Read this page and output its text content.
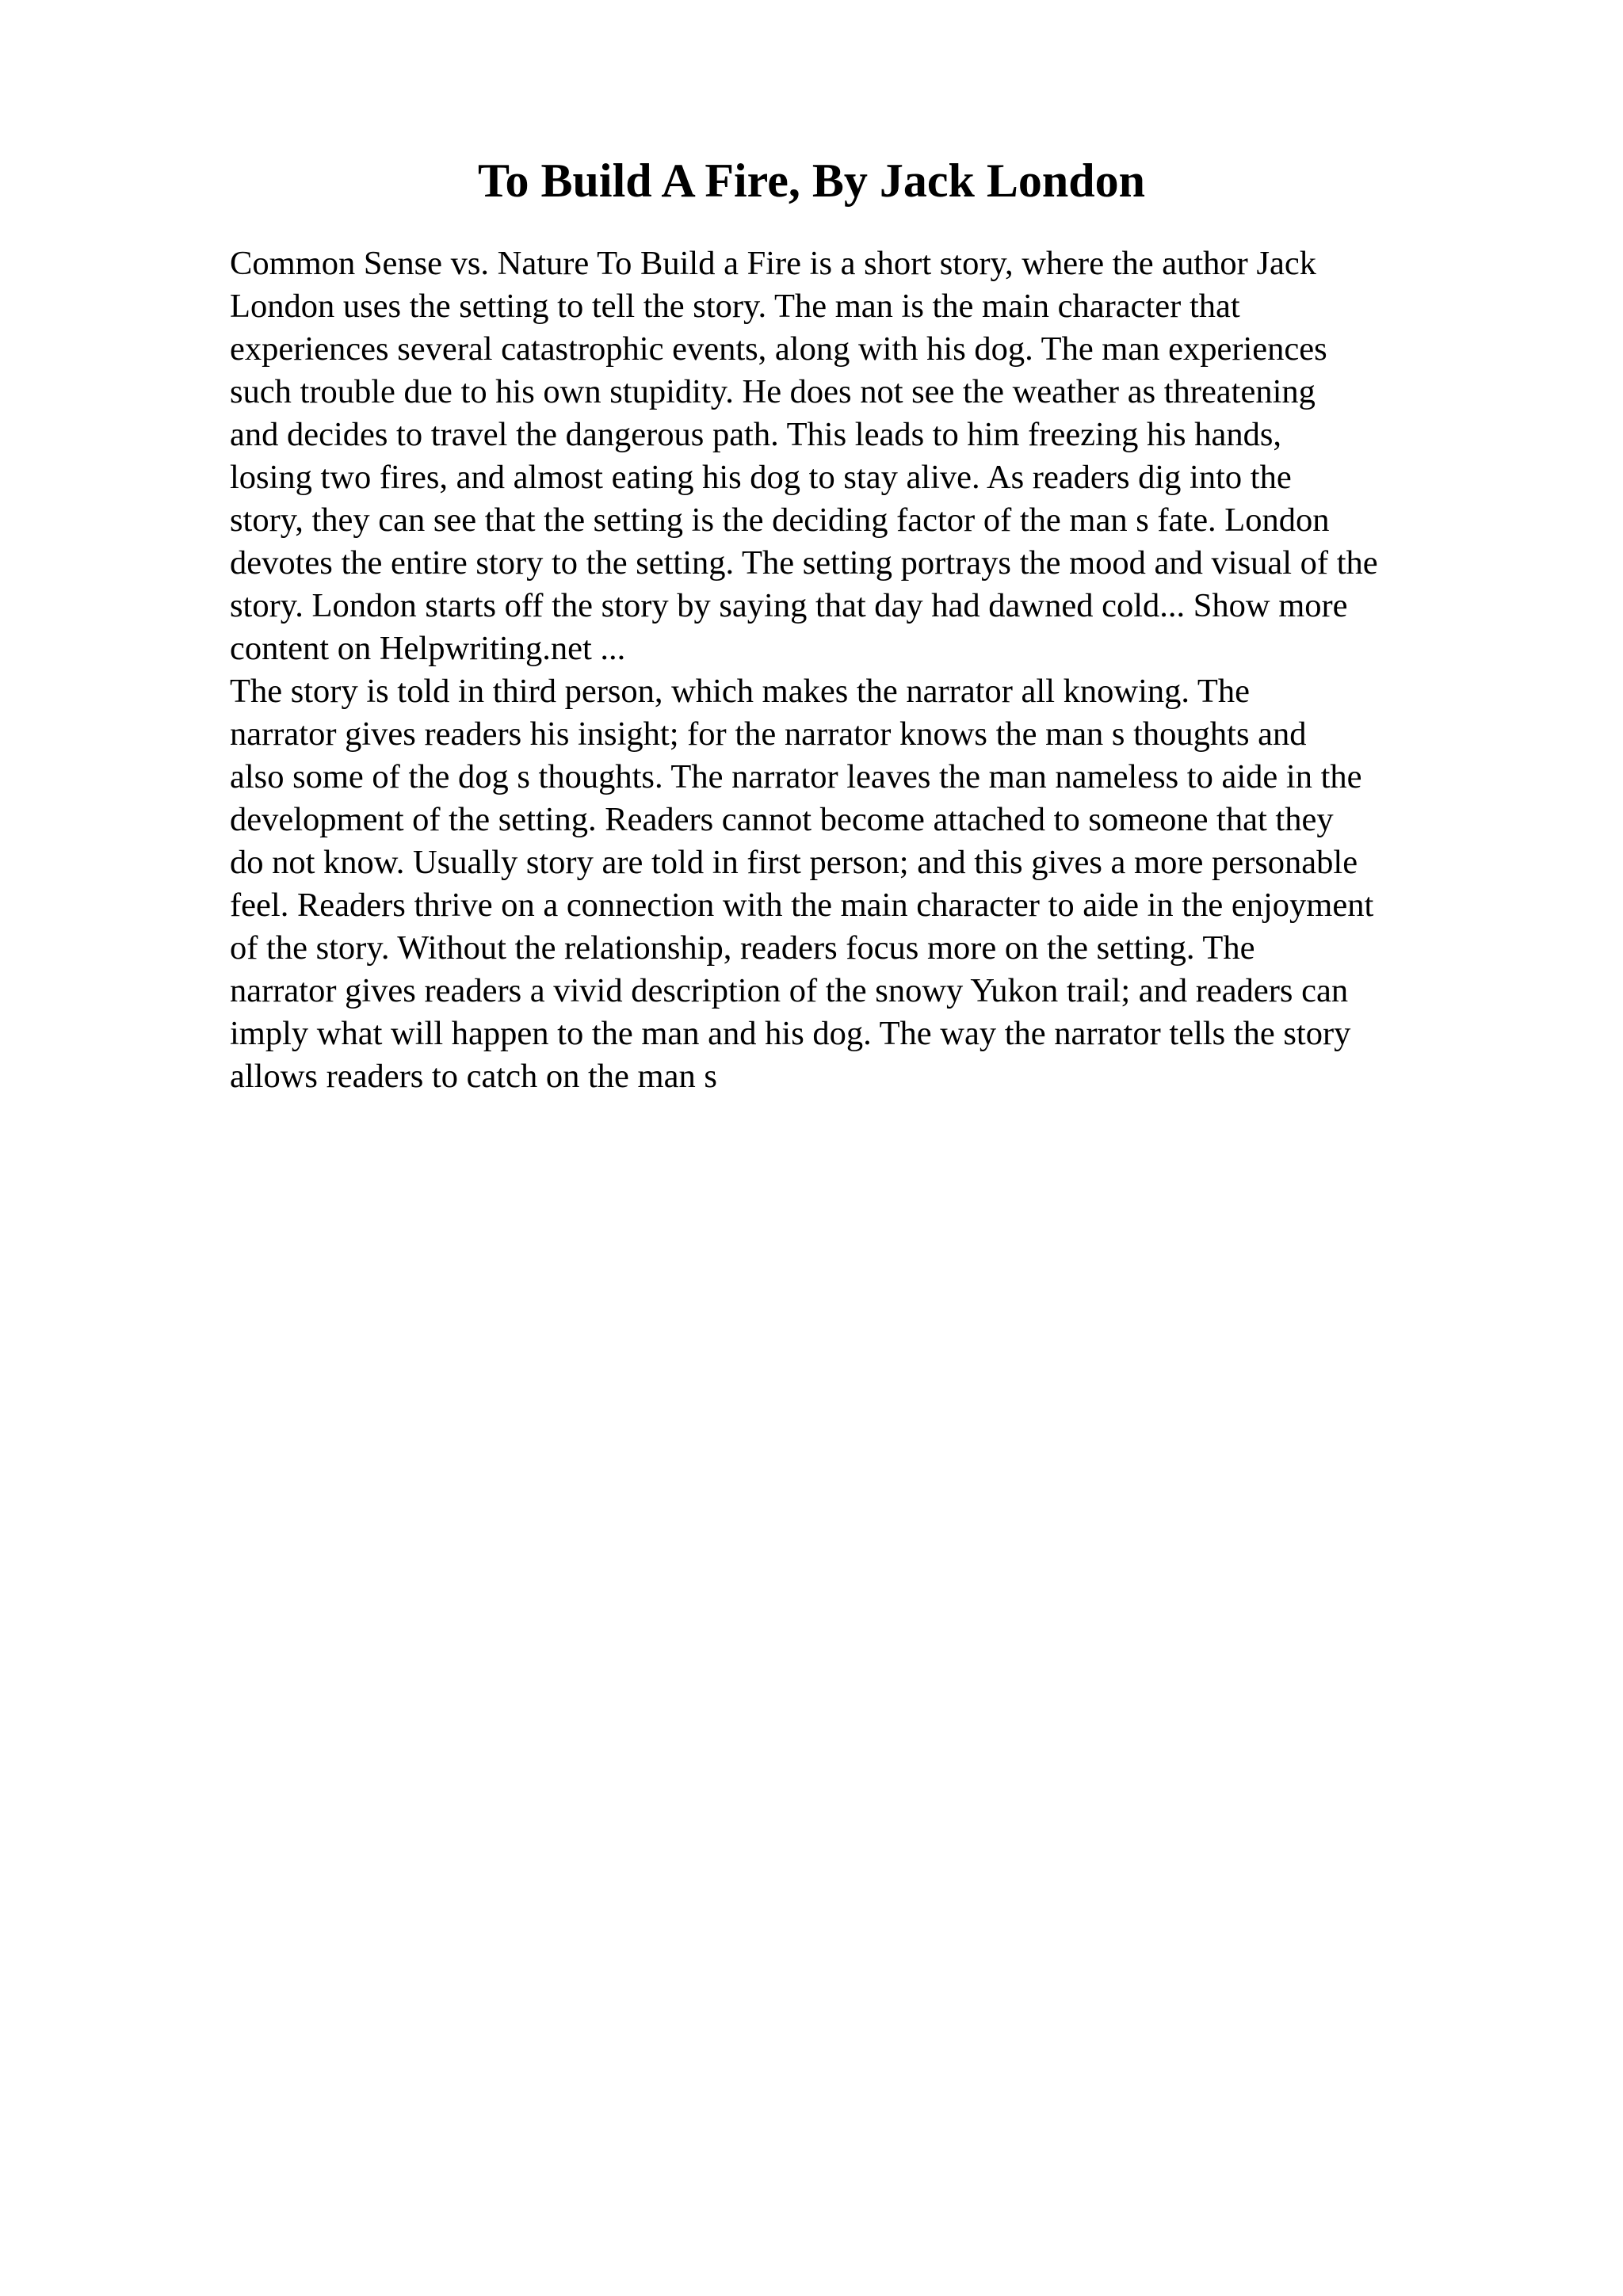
To Build A Fire, By Jack London
Common Sense vs. Nature To Build a Fire is a short story, where the author Jack
London uses the setting to tell the story. The man is the main character that
experiences several catastrophic events, along with his dog. The man experiences
such trouble due to his own stupidity. He does not see the weather as threatening
and decides to travel the dangerous path. This leads to him freezing his hands,
losing two fires, and almost eating his dog to stay alive. As readers dig into the
story, they can see that the setting is the deciding factor of the man s fate. London
devotes the entire story to the setting. The setting portrays the mood and visual of the
story. London starts off the story by saying that day had dawned cold... Show more
content on Helpwriting.net ...
The story is told in third person, which makes the narrator all knowing. The
narrator gives readers his insight; for the narrator knows the man s thoughts and
also some of the dog s thoughts. The narrator leaves the man nameless to aide in the
development of the setting. Readers cannot become attached to someone that they
do not know. Usually story are told in first person; and this gives a more personable
feel. Readers thrive on a connection with the main character to aide in the enjoyment
of the story. Without the relationship, readers focus more on the setting. The
narrator gives readers a vivid description of the snowy Yukon trail; and readers can
imply what will happen to the man and his dog. The way the narrator tells the story
allows readers to catch on the man s
